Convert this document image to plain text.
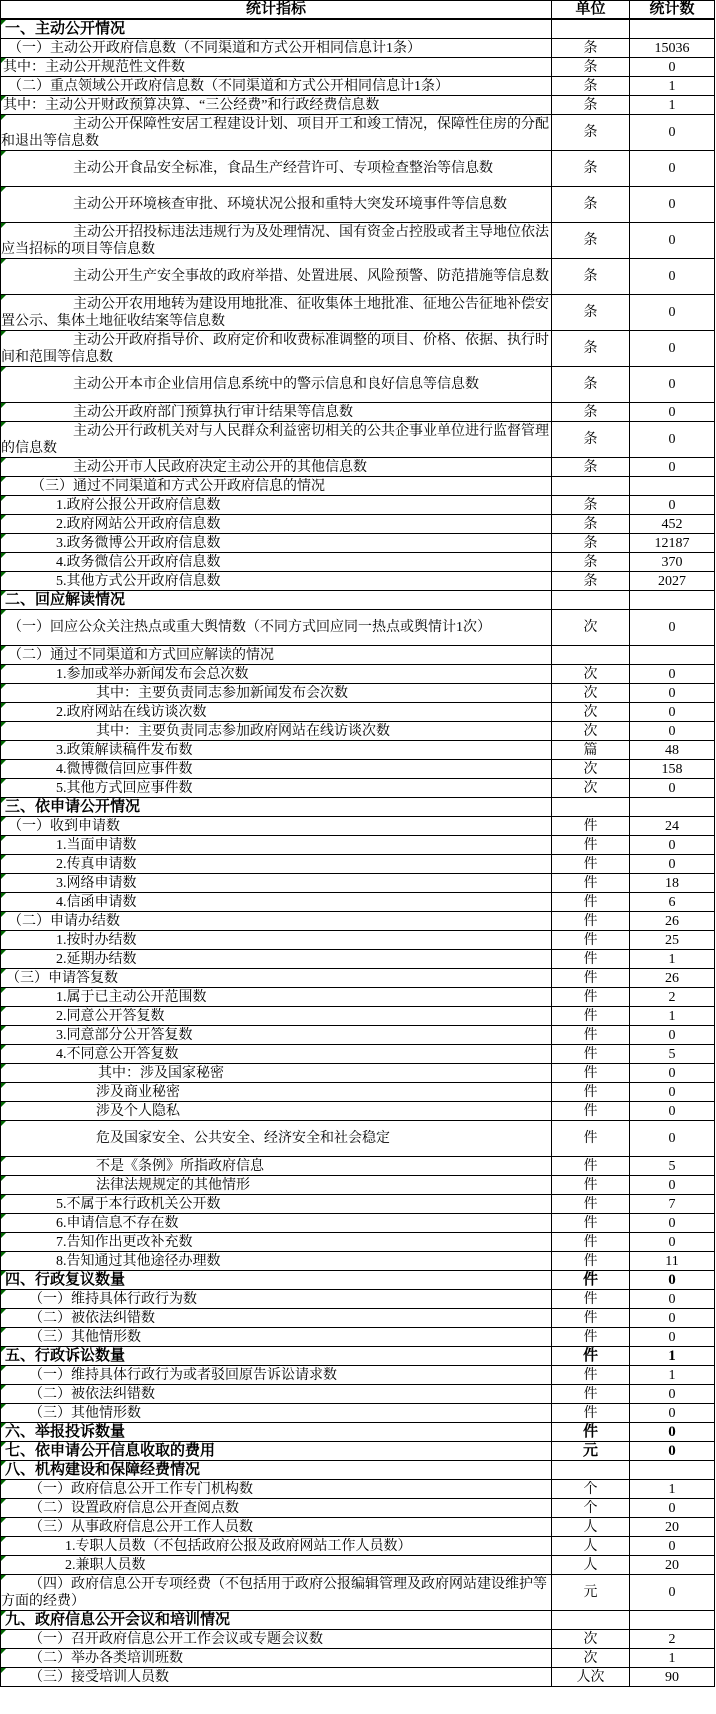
统计指标	单位	统计数

一、主动公开情况		

（一）主动公开政府信息数（不同渠道和方式公开相同信息计1条）	条	15036

其中：主动公开规范性文件数	条	0

（二）重点领域公开政府信息数（不同渠道和方式公开相同信息计1条）	条	1

其中：主动公开财政预算决算、“三公经费”和行政经费信息数	条	1

主动公开保障性安居工程建设计划、项目开工和竣工情况，保障性住房的分配和退出等信息数	条	0

主动公开食品安全标准，食品生产经营许可、专项检查整治等信息数	条	0

主动公开环境核查审批、环境状况公报和重特大突发环境事件等信息数	条	0

主动公开招投标违法违规行为及处理情况、国有资金占控股或者主导地位依法应当招标的项目等信息数	条	0

主动公开生产安全事故的政府举措、处置进展、风险预警、防范措施等信息数	条	0

主动公开农用地转为建设用地批准、征收集体土地批准、征地公告征地补偿安置公示、集体土地征收结案等信息数	条	0

主动公开政府指导价、政府定价和收费标准调整的项目、价格、依据、执行时间和范围等信息数	条	0

主动公开本市企业信用信息系统中的警示信息和良好信息等信息数	条	0

主动公开政府部门预算执行审计结果等信息数	条	0

主动公开行政机关对与人民群众利益密切相关的公共企事业单位进行监督管理的信息数	条	0

主动公开市人民政府决定主动公开的其他信息数	条	0

（三）通过不同渠道和方式公开政府信息的情况		

1.政府公报公开政府信息数	条	0

2.政府网站公开政府信息数	条	452

3.政务微博公开政府信息数	条	12187

4.政务微信公开政府信息数	条	370

5.其他方式公开政府信息数	条	2027

二、回应解读情况		

（一）回应公众关注热点或重大舆情数（不同方式回应同一热点或舆情计1次）	次	0

（二）通过不同渠道和方式回应解读的情况		

1.参加或举办新闻发布会总次数	次	0

其中：主要负责同志参加新闻发布会次数	次	0

2.政府网站在线访谈次数	次	0

其中：主要负责同志参加政府网站在线访谈次数	次	0

3.政策解读稿件发布数	篇	48

4.微博微信回应事件数	次	158

5.其他方式回应事件数	次	0

三、依申请公开情况		

（一）收到申请数	件	24

1.当面申请数	件	0

2.传真申请数	件	0

3.网络申请数	件	18

4.信函申请数	件	6

（二）申请办结数	件	26

1.按时办结数	件	25

2.延期办结数	件	1

（三）申请答复数	件	26

1.属于已主动公开范围数	件	2

2.同意公开答复数	件	1

3.同意部分公开答复数	件	0

4.不同意公开答复数	件	5

其中：涉及国家秘密	件	0

涉及商业秘密	件	0

涉及个人隐私	件	0

危及国家安全、公共安全、经济安全和社会稳定	件	0

不是《条例》所指政府信息	件	5

法律法规规定的其他情形	件	0

5.不属于本行政机关公开数	件	7

6.申请信息不存在数	件	0

7.告知作出更改补充数	件	0

8.告知通过其他途径办理数	件	11

四、行政复议数量	件	0

（一）维持具体行政行为数	件	0

（二）被依法纠错数	件	0

（三）其他情形数	件	0

五、行政诉讼数量	件	1

（一）维持具体行政行为或者驳回原告诉讼请求数	件	1

（二）被依法纠错数	件	0

（三）其他情形数	件	0

六、举报投诉数量	件	0

七、依申请公开信息收取的费用	元	0

八、机构建设和保障经费情况		

（一）政府信息公开工作专门机构数	个	1

（二）设置政府信息公开查阅点数	个	0

（三）从事政府信息公开工作人员数	人	20

1.专职人员数（不包括政府公报及政府网站工作人员数）	人	0

2.兼职人员数	人	20

（四）政府信息公开专项经费（不包括用于政府公报编辑管理及政府网站建设维护等方面的经费）	元	0

九、政府信息公开会议和培训情况		

（一）召开政府信息公开工作会议或专题会议数	次	2

（二）举办各类培训班数	次	1

（三）接受培训人员数	人次	90
